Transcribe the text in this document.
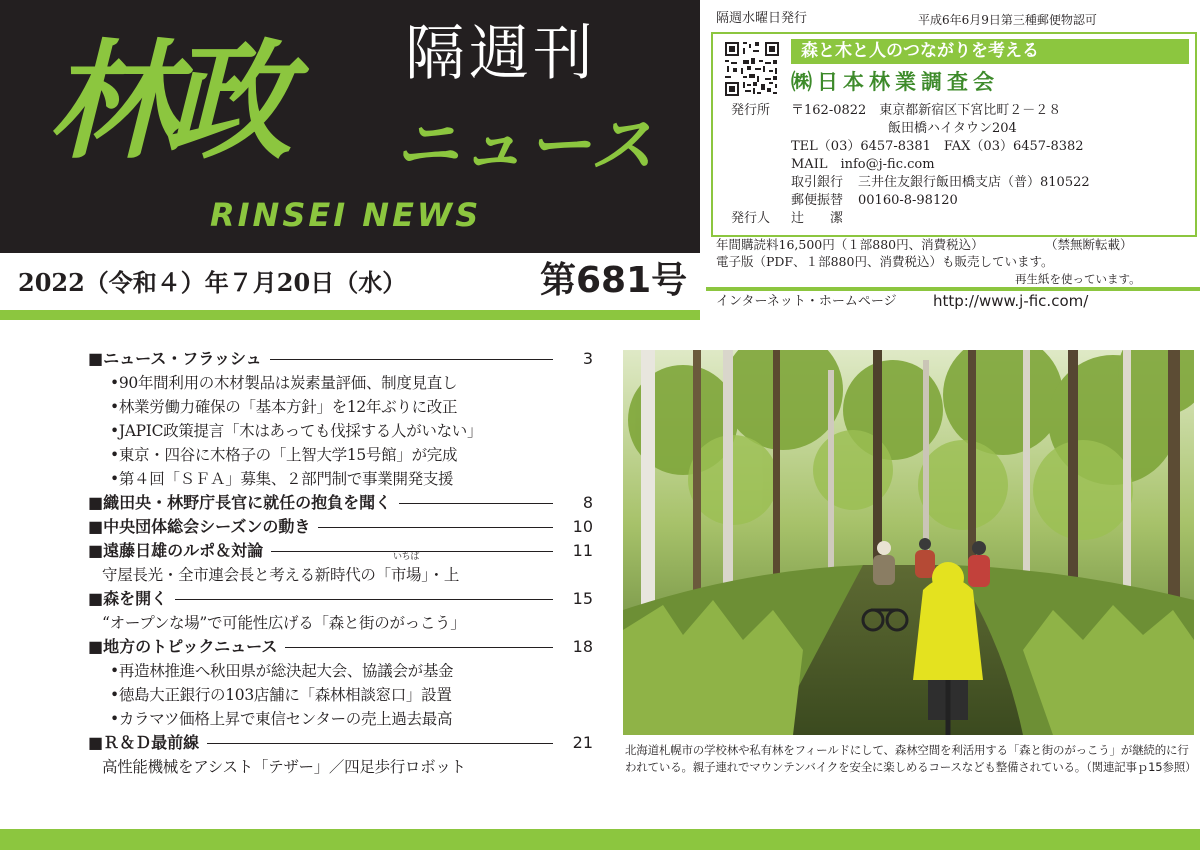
林政 隔週刊
ニュース
RINSEI NEWS
2022（令和４）年７月20日（水）	第681号
隔週水曜日発行	平成6年6月9日第三種郵便物認可
森と木と人のつながりを考える
㈱日本林業調査会
発行所 〒162-0822　東京都新宿区下宮比町２－２８
飯田橋ハイタウン204
TEL（03）6457-8381　FAX（03）6457-8382
MAIL　info@j-fic.com
取引銀行 三井住友銀行飯田橋支店（普）810522
郵便振替 00160-8-98120
発行人 辻　　潔
年間購読料16,500円（１部880円、消費税込）	（禁無断転載）
電子版（PDF、１部880円、消費税込）も販売しています。
再生紙を使っています。
インターネット・ホームページ http://www.j-fic.com/
■ニュース・フラッシュ	3
•90年間利用の木材製品は炭素量評価、制度見直し
•林業労働力確保の「基本方針」を12年ぶりに改正
•JAPIC政策提言「木はあっても伐採する人がいない」
•東京・四谷に木格子の「上智大学15号館」が完成
•第４回「ＳＦＡ」募集、２部門制で事業開発支援
■織田央・林野庁長官に就任の抱負を聞く	8
■中央団体総会シーズンの動き	10
■遠藤日雄のルポ＆対論	11
守屋長光・全市連会長と考える新時代の「
いちば
市場」・上
■森を開く	15
“オープンな場”で可能性広げる「森と街のがっこう」
■地方のトピックニュース	18
•再造林推進へ秋田県が総決起大会、協議会が基金
•徳島大正銀行の103店舗に「森林相談窓口」設置
•カラマツ価格上昇で東信センターの売上過去最高
■Ｒ＆Ｄ最前線	21
高性能機械をアシスト「テザー」／四足歩行ロボット
北海道札幌市の学校林や私有林をフィールドにして、森林空間を利活用する「森と街のがっこう」が継続的に行われている。親子連れでマウンテンバイクを安全に楽しめるコースなども整備されている。（関連記事ｐ15参照）
